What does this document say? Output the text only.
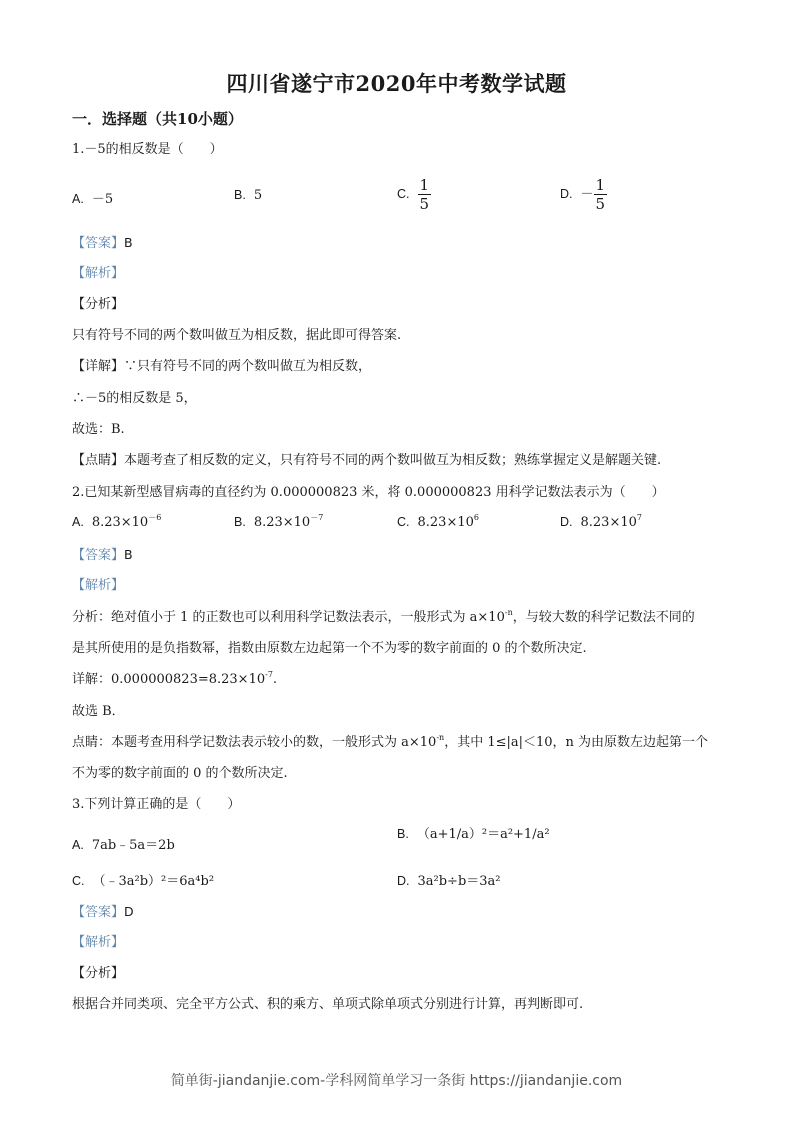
四川省遂宁市2020年中考数学试题
一．选择题（共10小题）
1.－5的相反数是（　　）
A. －5	B. 5	C. $\frac{1}{5}$	D. － $\frac{1}{5}$
【答案】B
【解析】
【分析】
只有符号不同的两个数叫做互为相反数，据此即可得答案.
【详解】∵只有符号不同的两个数叫做互为相反数，
∴－5的相反数是 5，
故选：B.
【点睛】本题考查了相反数的定义，只有符号不同的两个数叫做互为相反数；熟练掌握定义是解题关键.
2.已知某新型感冒病毒的直径约为 0.000000823 米，将 0.000000823 用科学记数法表示为（　　）
A. $8.23\times 10^{-6}$	B. $8.23\times 10^{-7}$	C. $8.23\times 10^6$	D. $8.23\times 10^7$
【答案】B
【解析】
分析：绝对值小于 1 的正数也可以利用科学记数法表示，一般形式为 $a\times 10^{-n}$，与较大数的科学记数法不同的
是其所使用的是负指数幂，指数由原数左边起第一个不为零的数字前面的 0 的个数所决定.
详解：$0.000000823=8.23\times 10^{-7}$.
故选 B．
点睛：本题考查用科学记数法表示较小的数，一般形式为 $a\times 10^{-n}$，其中 1≤|a|＜10，n 为由原数左边起第一个
不为零的数字前面的 0 的个数所决定.
3.下列计算正确的是（　　）
A. 7ab﹣5a＝2b
B. （a+1/a）²＝a²+1/a²
C. （﹣3a²b）²＝6a⁴b²	D. 3a²b÷b＝3a²
【答案】D
【解析】
【分析】
根据合并同类项、完全平方公式、积的乘方、单项式除单项式分别进行计算，再判断即可.
简单街-jiandanjie.com-学科网简单学习一条街 https://jiandanjie.com
